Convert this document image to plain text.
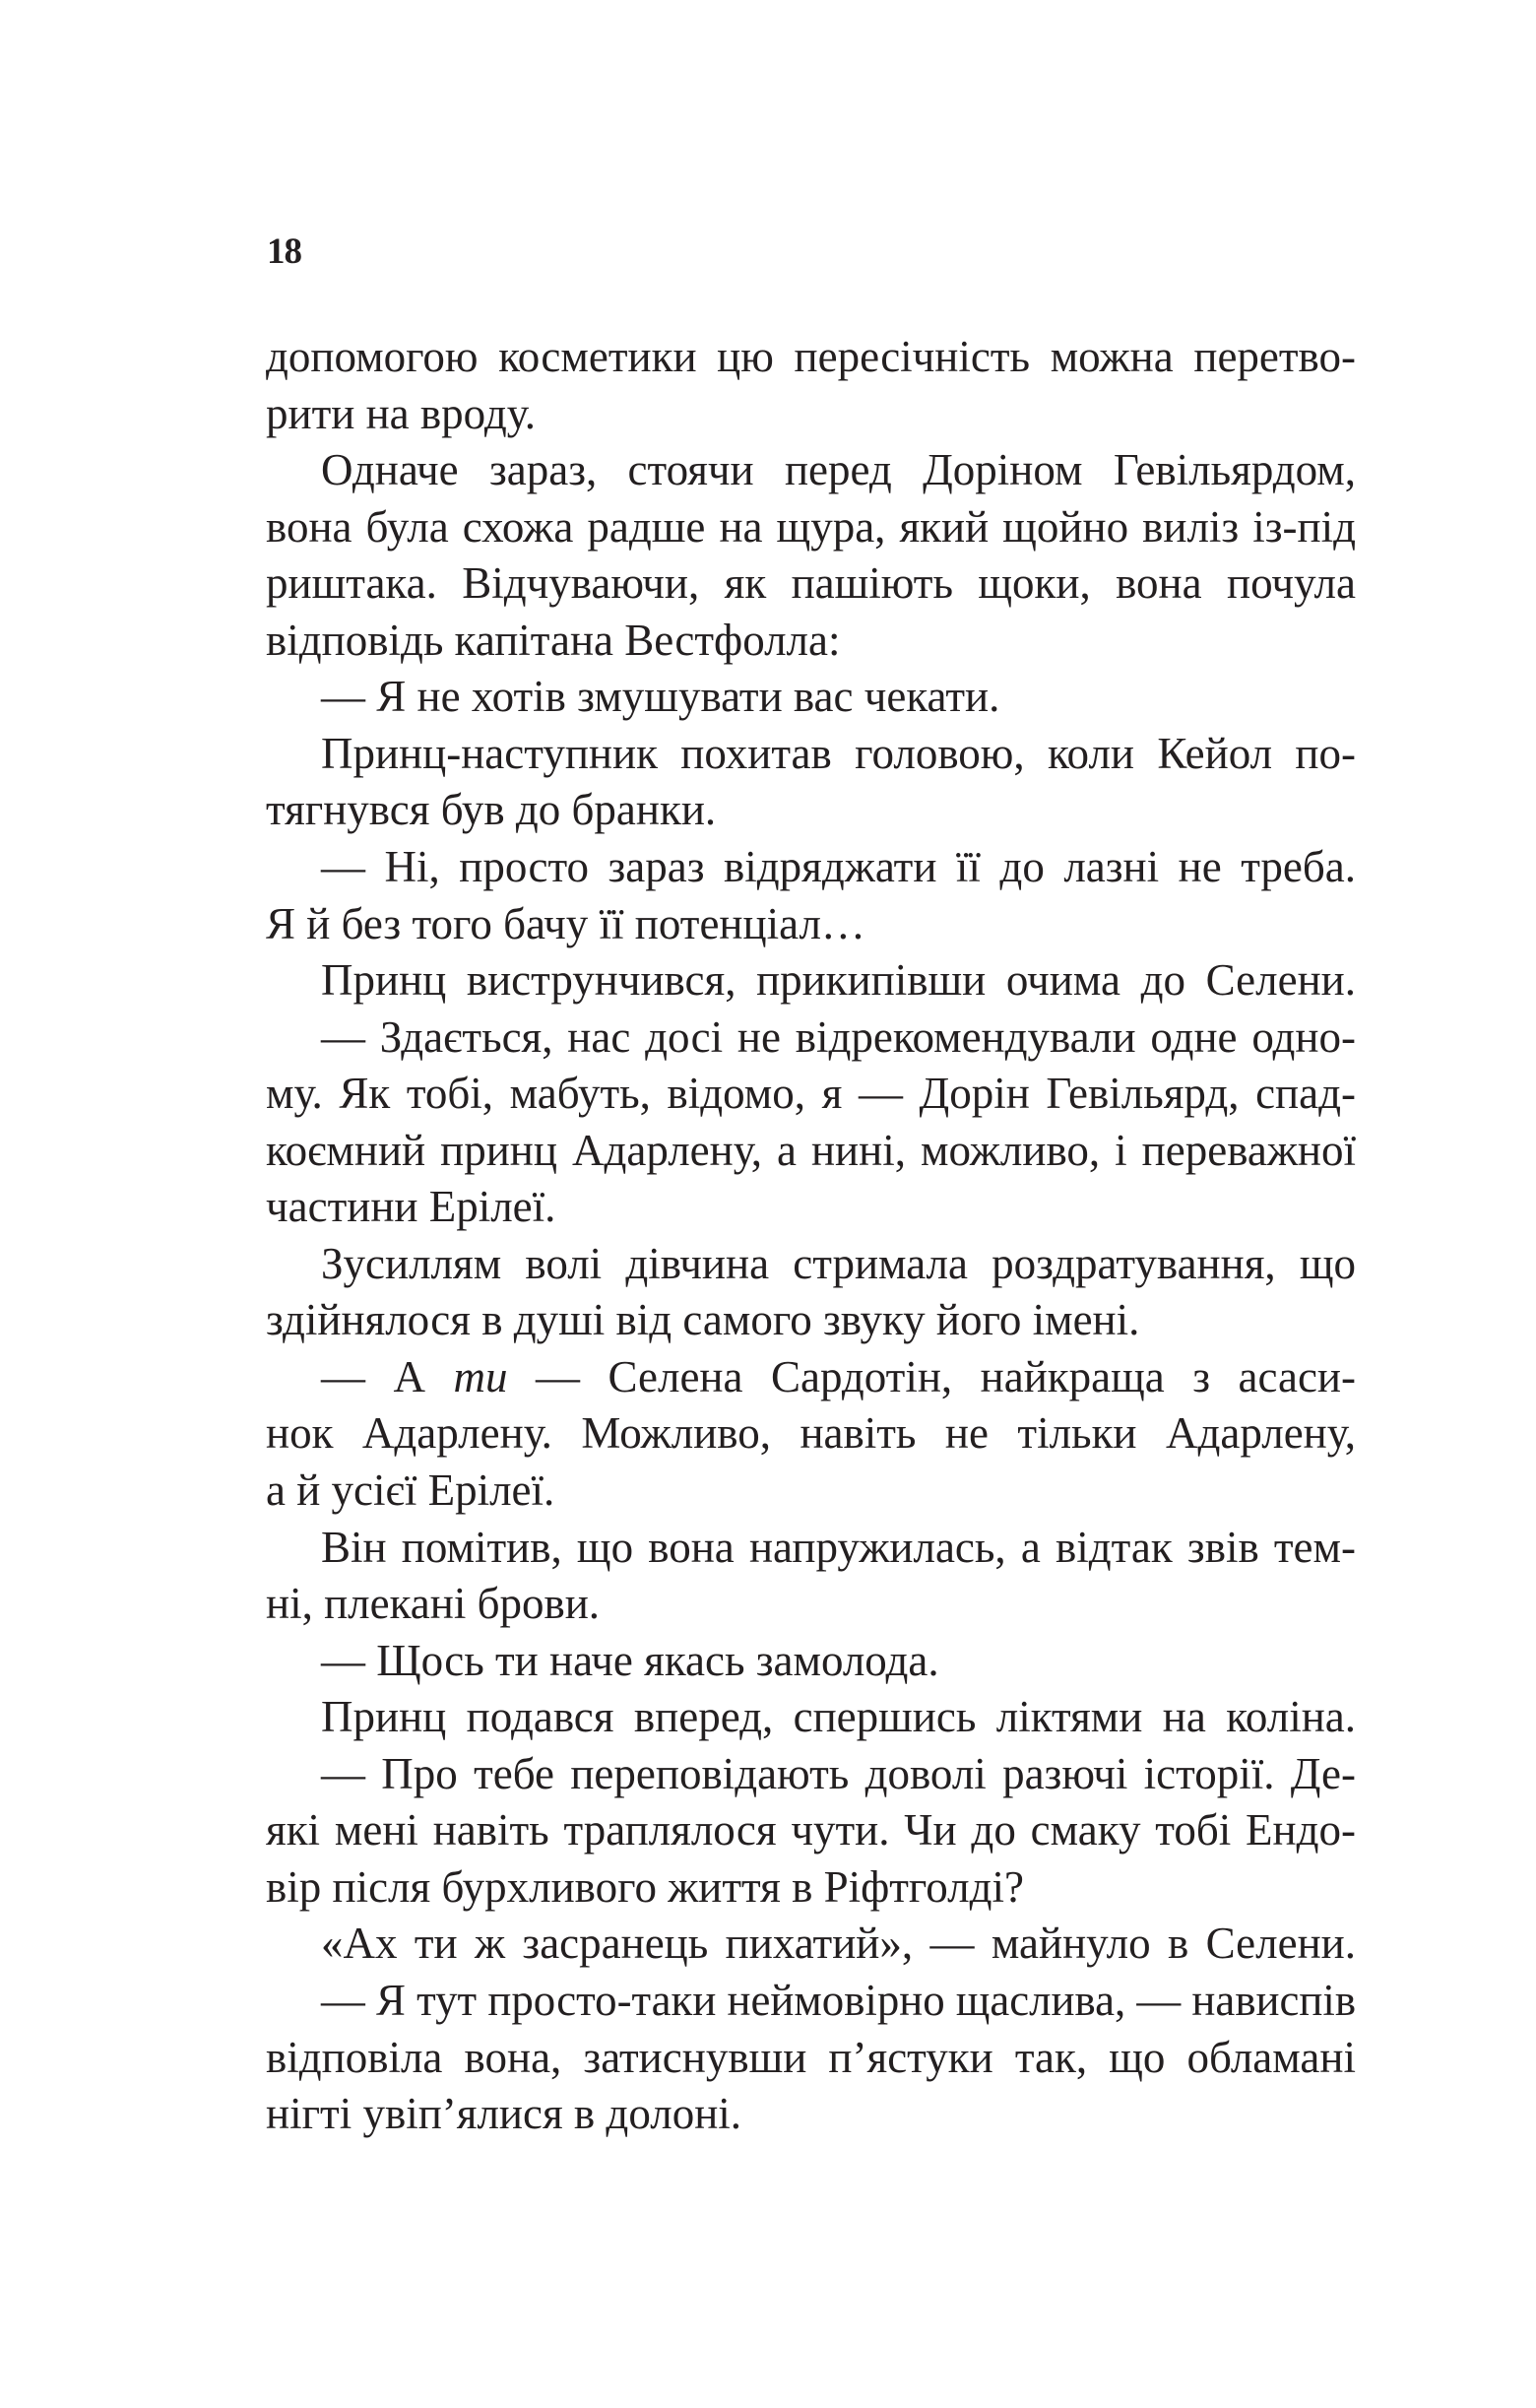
18
допомогою косметики цю пересічність можна перетво-
рити на вроду.
Одначе зараз, стоячи перед Доріном Гевільярдом,
вона була схожа радше на щура, який щойно виліз із-під
риштака. Відчуваючи, як пашіють щоки, вона почула
відповідь капітана Вестфолла:
— Я не хотів змушувати вас чекати.
Принц-наступник похитав головою, коли Кейол по-
тягнувся був до бранки.
— Ні, просто зараз відряджати її до лазні не треба.
Я й без того бачу її потенціал…
Принц виструнчився, прикипівши очима до Селени.
— Здається, нас досі не відрекомендували одне одно-
му. Як тобі, мабуть, відомо, я — Дорін Гевільярд, спад-
коємний принц Адарлену, а нині, можливо, і переважної
частини Ерілеї.
Зусиллям волі дівчина стримала роздратування, що
здійнялося в душі від самого звуку його імені.
— А ти — Селена Сардотін, найкраща з асаси-
нок Адарлену. Можливо, навіть не тільки Адарлену,
а й усієї Ерілеї.
Він помітив, що вона напружилась, а відтак звів тем-
ні, плекані брови.
— Щось ти наче якась замолода.
Принц подався вперед, спершись ліктями на коліна.
— Про тебе переповідають доволі разючі історії. Де-
які мені навіть траплялося чути. Чи до смаку тобі Ендо-
вір після бурхливого життя в Ріфтголді?
«Ах ти ж засранець пихатий», — майнуло в Селени.
— Я тут просто-таки неймовірно щаслива, — нависпів
відповіла вона, затиснувши п’ястуки так, що обламані
нігті увіп’ялися в долоні.
